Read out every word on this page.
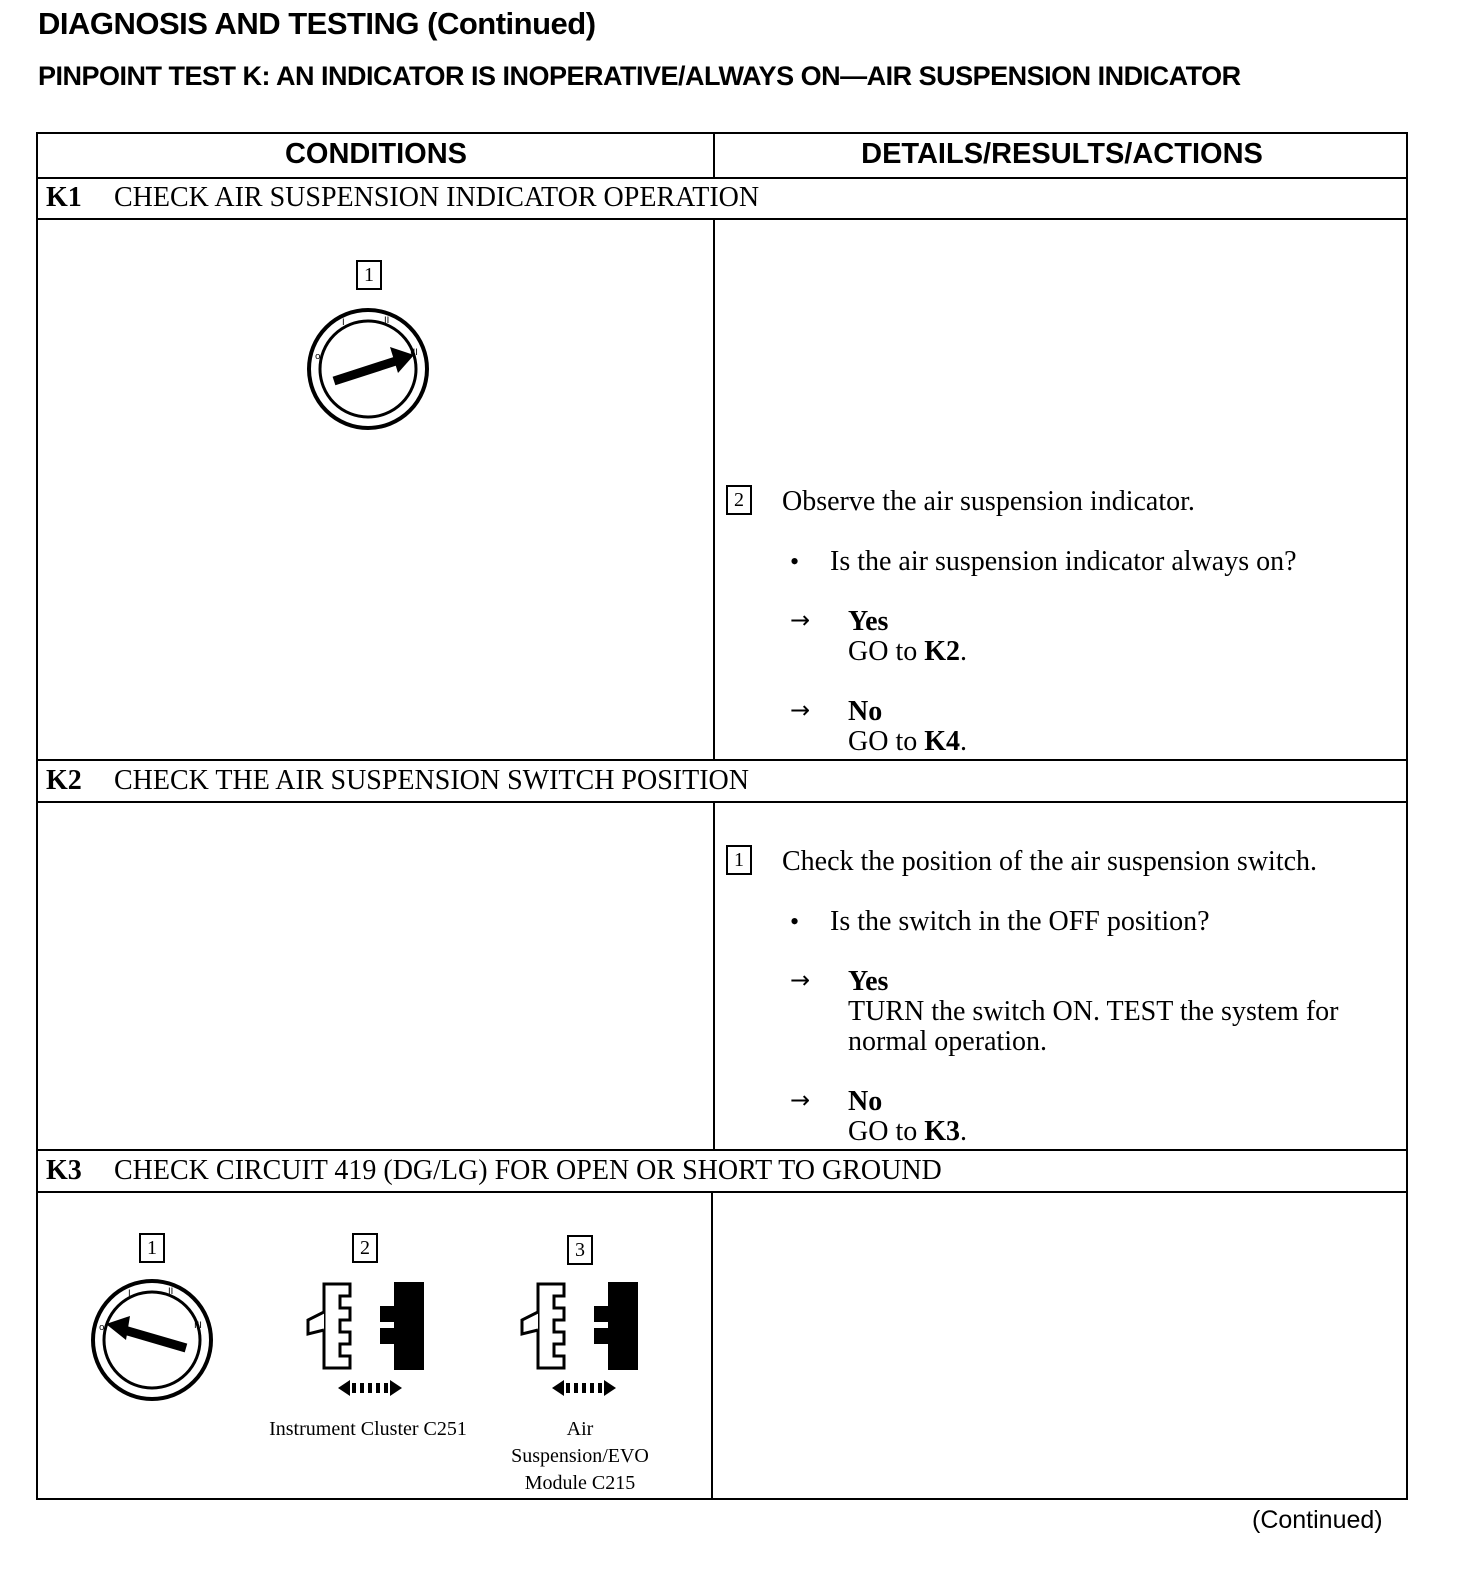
DIAGNOSIS AND TESTING (Continued)
PINPOINT TEST K: AN INDICATOR IS INOPERATIVE/ALWAYS ON—AIR SUSPENSION INDICATOR
CONDITIONS	DETAILS/RESULTS/ACTIONS
K1 CHECK AIR SUSPENSION INDICATOR OPERATION
1
o
I	II
III
2 Observe the air suspension indicator.
• Is the air suspension indicator always on?
→ Yes
GO to K2.
→ No
GO to K4.
K2 CHECK THE AIR SUSPENSION SWITCH POSITION
1 Check the position of the air suspension switch.
• Is the switch in the OFF position?
→ Yes
TURN the switch ON. TEST the system for
normal operation.
→ No
GO to K3.
K3 CHECK CIRCUIT 419 (DG/LG) FOR OPEN OR SHORT TO GROUND
1
o
I	II
III
2
Instrument Cluster C251
3
Air
Suspension/EVO
Module C215
(Continued)
